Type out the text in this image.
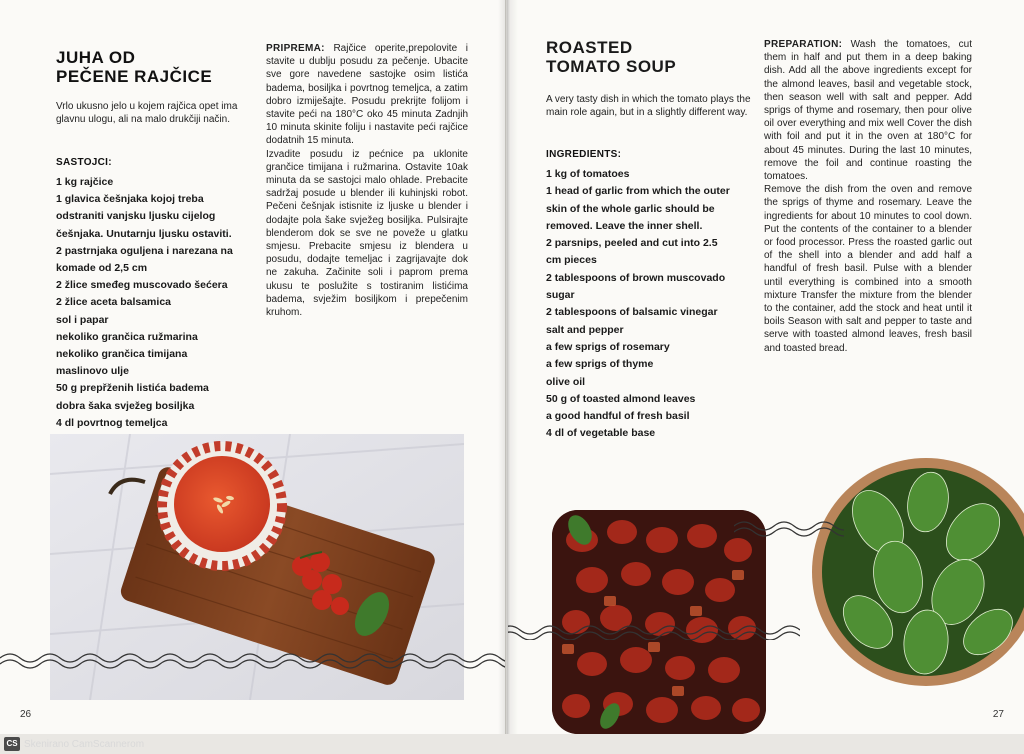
JUHA OD
PEČENE RAJČICE

Vrlo ukusno jelo u kojem rajčica opet ima glavnu ulogu, ali na malo drukčiji način.

SASTOJCI:
1 kg rajčice
1 glavica češnjaka kojoj treba
odstraniti vanjsku ljusku cijelog
češnjaka. Unutarnju ljusku ostaviti.
2 pastrnjaka oguljena i narezana na
komade od 2,5 cm
2 žlice smeđeg muscovado šećera
2 žlice aceta balsamica
sol i papar
nekoliko grančica ružmarina
nekoliko grančica timijana
maslinovo ulje
50 g prepřženih listića badema
dobra šaka svježeg bosiljka
4 dl povrtnog temeljca

PRIPREMA: Rajčice operite,prepolovite i stavite u dublju posudu za pečenje. Ubacite sve gore navedene sastojke osim listića badema, bosiljka i povrtnog temeljca, a zatim dobro izmiješajte. Posudu prekrijte folijom i stavite peći na 180°C oko 45 minuta Zadnjih 10 minuta skinite foliju i nastavite peći rajčice dodatnih 15 minuta.
Izvadite posudu iz pećnice pa uklonite grančice timijana i ružmarina. Ostavite 10ak minuta da se sastojci malo ohlade. Prebacite sadržaj posude u blender ili kuhinjski robot. Pečeni češnjak istisnite iz ljuske u blender i dodajte pola šake svježeg bosiljka. Pulsirajte blenderom dok se sve ne poveže u glatku smjesu. Prebacite smjesu iz blendera u posudu, dodajte temeljac i zagrijavajte dok ne zakuha. Začinite soli i paprom prema ukusu te poslužite s tostiranim listićima badema, svježim bosiljkom i prepečenim kruhom.

26
ROASTED
TOMATO SOUP

A very tasty dish in which the tomato plays the main role again, but in a slightly different way.

INGREDIENTS:
1 kg of tomatoes
1 head of garlic from which the outer
skin of the whole garlic should be
removed. Leave the inner shell.
2 parsnips, peeled and cut into 2.5
cm pieces
2 tablespoons of brown muscovado
sugar
2 tablespoons of balsamic vinegar
salt and pepper
a few sprigs of rosemary
a few sprigs of thyme
olive oil
50 g of toasted almond leaves
a good handful of fresh basil
4 dl of vegetable base

PREPARATION: Wash the tomatoes, cut them in half and put them in a deep baking dish. Add all the above ingredients except for the almond leaves, basil and vegetable stock, then season well with salt and pepper. Add sprigs of thyme and rosemary, then pour olive oil over everything and mix well Cover the dish with foil and put it in the oven at 180°C for about 45 minutes. During the last 10 minutes, remove the foil and continue roasting the tomatoes.
Remove the dish from the oven and remove the sprigs of thyme and rosemary. Leave the ingredients for about 10 minutes to cool down. Put the contents of the container to a blender or food processor. Press the roasted garlic out of the shell into a blender and add half a handful of fresh basil. Pulse with a blender until everything is combined into a smooth mixture Transfer the mixture from the blender to the container, add the stock and heat until it boils Season with salt and pepper to taste and serve with toasted almond leaves, fresh basil and toasted bread.

27
CS Skenirano CamScannerom
